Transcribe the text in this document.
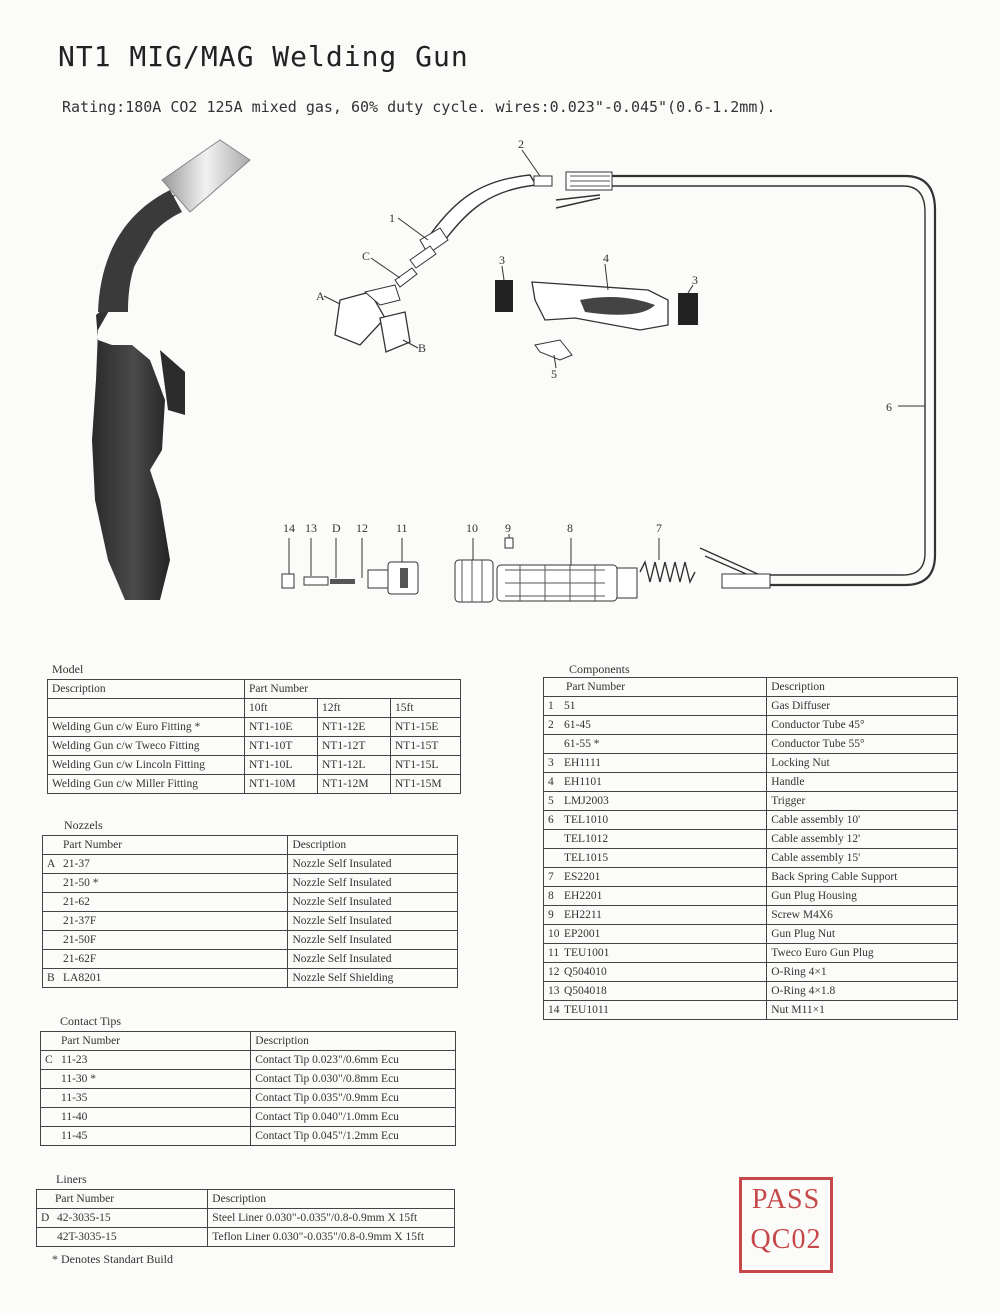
NT1 MIG/MAG Welding Gun
Rating:180A CO2 125A mixed gas, 60% duty cycle. wires:0.023"-0.045"(0.6-1.2mm).
1
2
3
3
4
5
6
7
8
9
10
11
12
D
13
14
A
B
C
Model
Description	Part Number		
	10ft	12ft	15ft
Welding Gun c/w Euro Fitting *	NT1-10E	NT1-12E	NT1-15E
Welding Gun c/w Tweco Fitting	NT1-10T	NT1-12T	NT1-15T
Welding Gun c/w Lincoln Fitting	NT1-10L	NT1-12L	NT1-15L
Welding Gun c/w Miller Fitting	NT1-10M	NT1-12M	NT1-15M
Nozzels
Part Number		Description
A	21-37	Nozzle Self Insulated
	21-50 *	Nozzle Self Insulated
	21-62	Nozzle Self Insulated
	21-37F	Nozzle Self Insulated
	21-50F	Nozzle Self Insulated
	21-62F	Nozzle Self Insulated
B	LA8201	Nozzle Self Shielding
Contact Tips
Part Number		Description
C	11-23	Contact Tip 0.023"/0.6mm Ecu
	11-30 *	Contact Tip 0.030"/0.8mm Ecu
	11-35	Contact Tip 0.035"/0.9mm Ecu
	11-40	Contact Tip 0.040"/1.0mm Ecu
	11-45	Contact Tip 0.045"/1.2mm Ecu
Liners
Part Number		Description
D	42-3035-15	Steel Liner 0.030"-0.035"/0.8-0.9mm X 15ft
	42T-3035-15	Teflon Liner 0.030"-0.035"/0.8-0.9mm X 15ft
* Denotes Standart Build
Components
Part Number		Description
1	51	Gas Diffuser
2	61-45	Conductor Tube 45°
	61-55 *	Conductor Tube 55°
3	EH1111	Locking Nut
4	EH1101	Handle
5	LMJ2003	Trigger
6	TEL1010	Cable assembly 10'
	TEL1012	Cable assembly 12'
	TEL1015	Cable assembly 15'
7	ES2201	Back Spring Cable Support
8	EH2201	Gun Plug Housing
9	EH2211	Screw M4X6
10	EP2001	Gun Plug Nut
11	TEU1001	Tweco Euro Gun Plug
12	Q504010	O-Ring 4×1
13	Q504018	O-Ring 4×1.8
14	TEU1011	Nut M11×1
PASS
QC02
